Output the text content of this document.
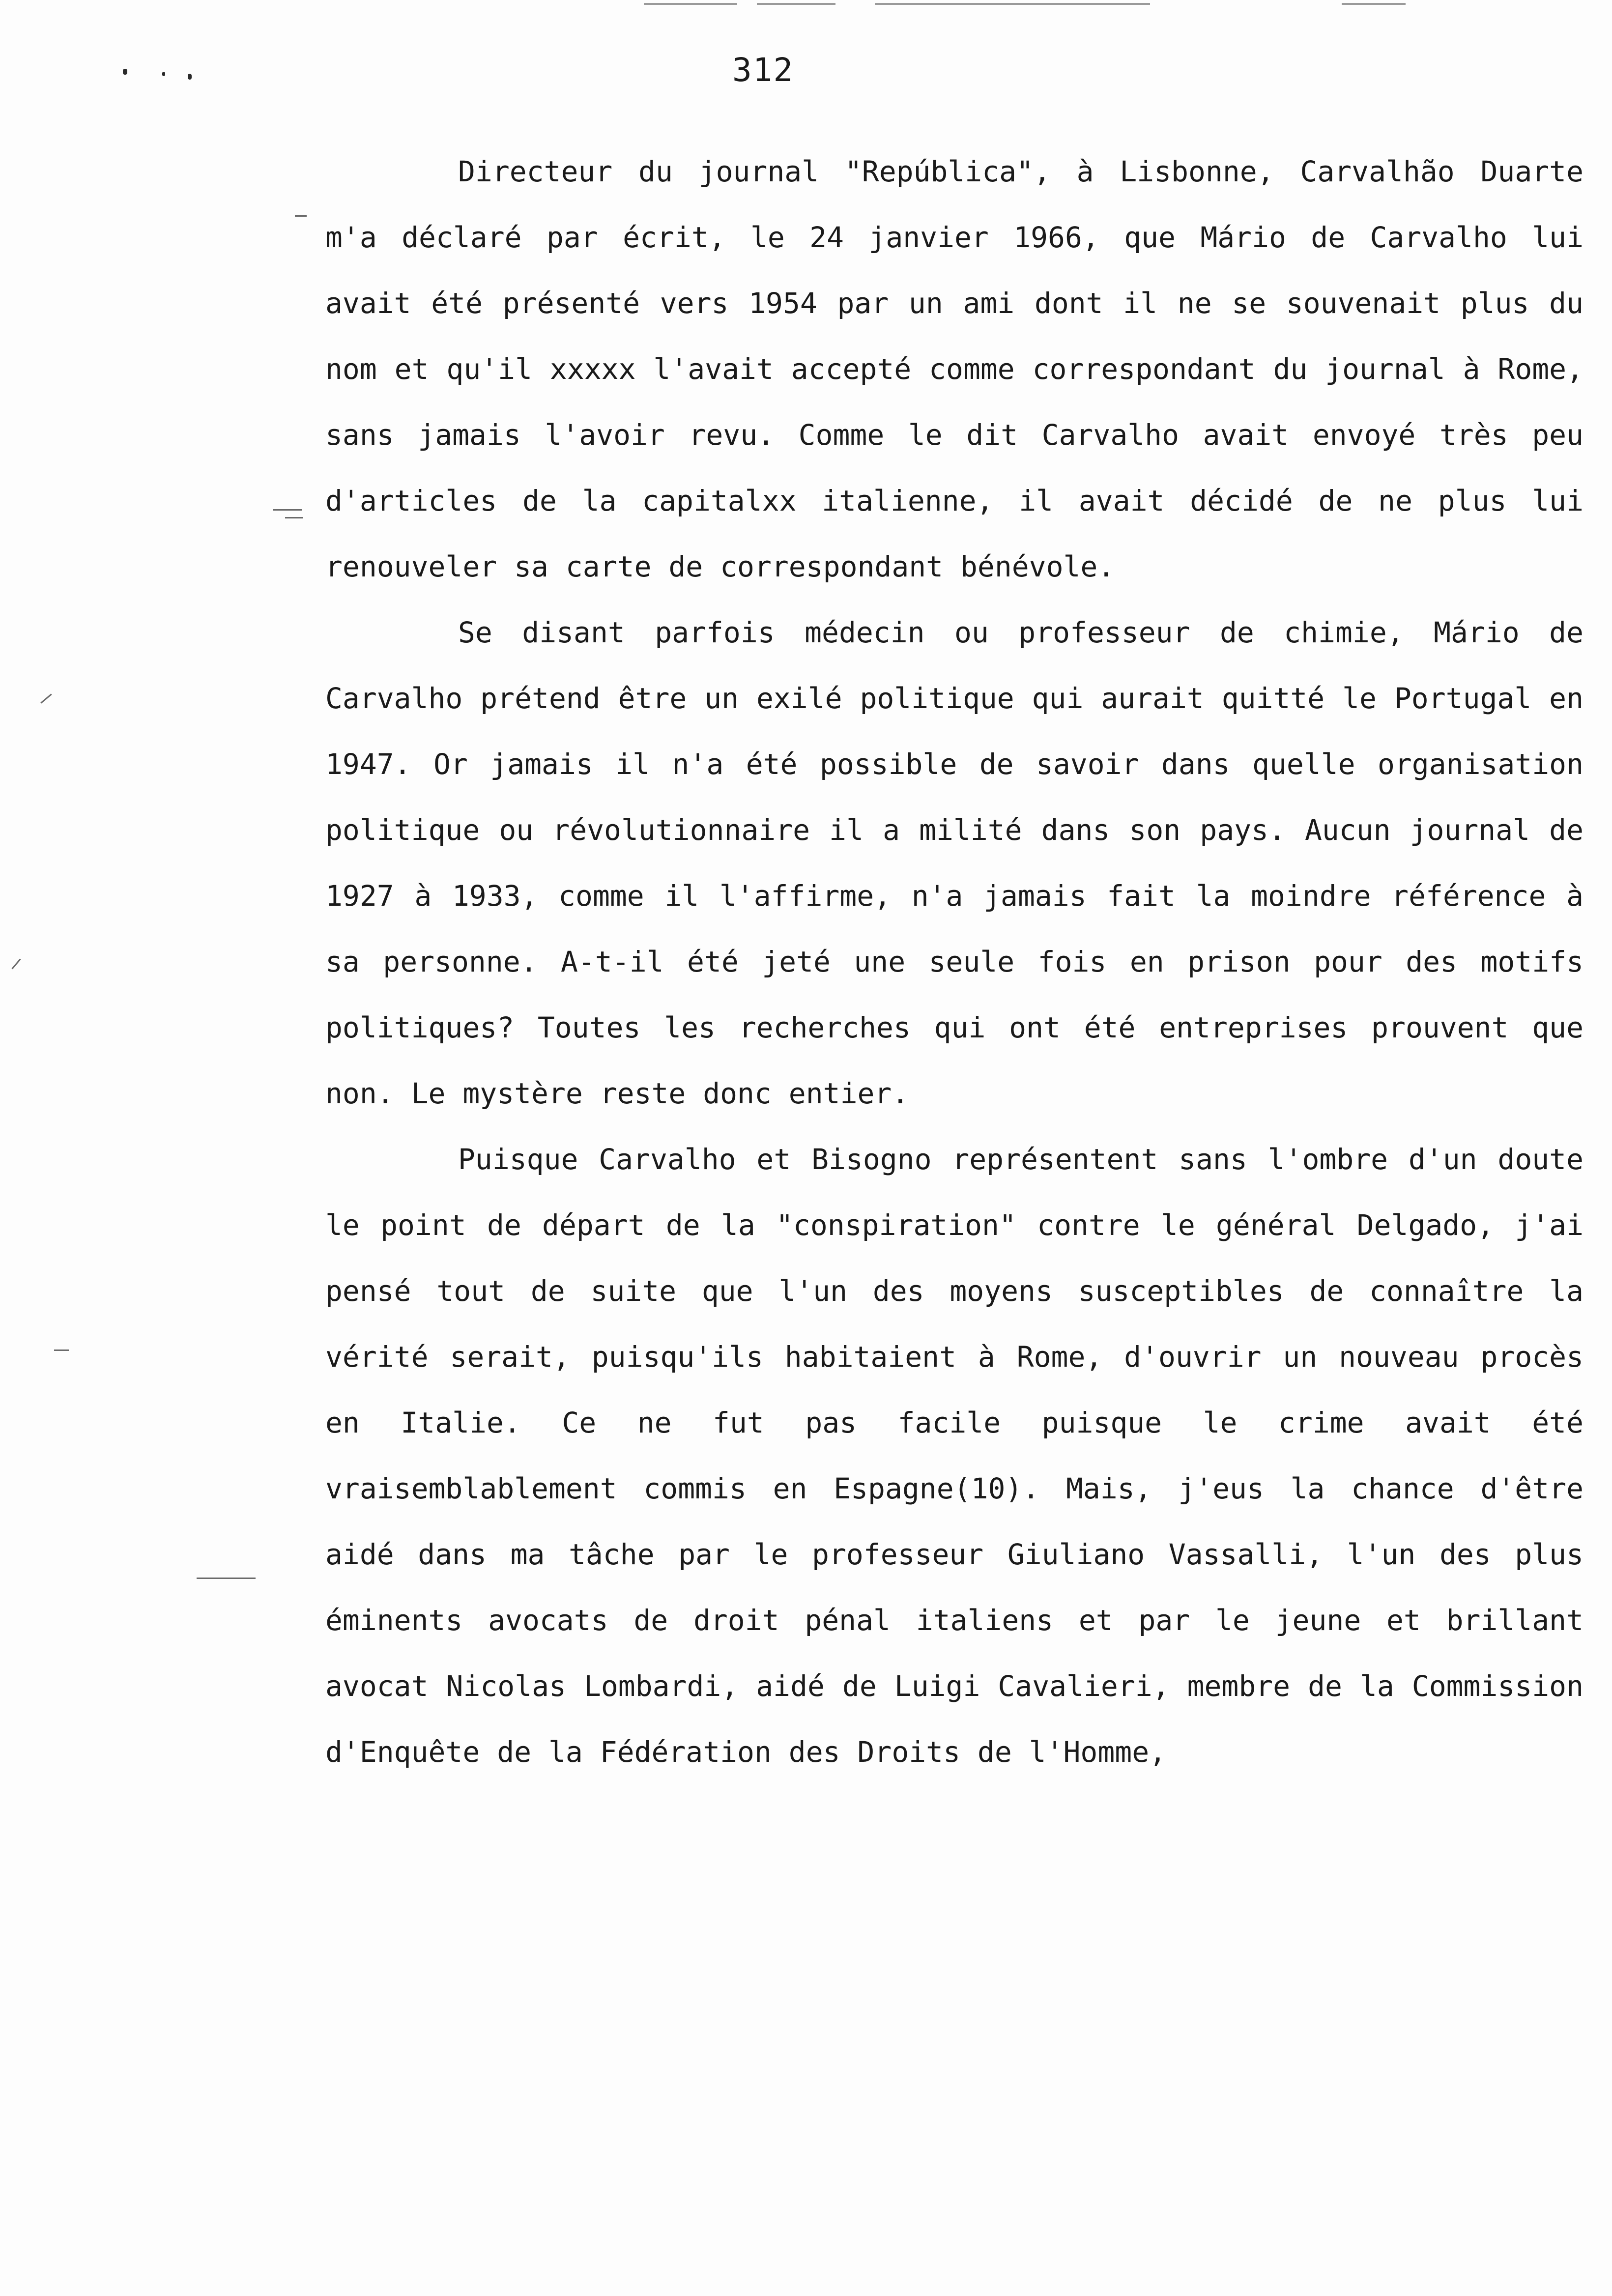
312

Directeur du journal "República", à Lisbonne, Carvalhão Duarte m'a déclaré par écrit, le 24 janvier 1966, que Mário de Carvalho lui avait été présenté vers 1954 par un ami dont il ne se souvenait plus du nom et qu'il xxxxx l'avait accepté comme correspondant du journal à Rome, sans jamais l'avoir revu. Comme le dit Carvalho avait envoyé très peu d'articles de la capitalxx italienne, il avait décidé de ne plus lui renouveler sa carte de correspondant bénévole.

Se disant parfois médecin ou professeur de chimie, Mário de Carvalho prétend être un exilé politique qui aurait quitté le Portugal en 1947. Or jamais il n'a été possible de savoir dans quelle organisation politique ou révolutionnaire il a milité dans son pays. Aucun journal de 1927 à 1933, comme il l'affirme, n'a jamais fait la moindre référence à sa personne. A-t-il été jeté une seule fois en prison pour des motifs politiques? Toutes les recherches qui ont été entreprises prouvent que non. Le mystère reste donc entier.

Puisque Carvalho et Bisogno représentent sans l'ombre d'un doute le point de départ de la "conspiration" contre le général Delgado, j'ai pensé tout de suite que l'un des moyens susceptibles de connaître la vérité serait, puisqu'ils habitaient à Rome, d'ouvrir un nouveau procès en Italie. Ce ne fut pas facile puisque le crime avait été vraisemblablement commis en Espagne(10). Mais, j'eus la chance d'être aidé dans ma tâche par le professeur Giuliano Vassalli, l'un des plus éminents avocats de droit pénal italiens et par le jeune et brillant avocat Nicolas Lombardi, aidé de Luigi Cavalieri, membre de la Commission d'Enquête de la Fédération des Droits de l'Homme,
